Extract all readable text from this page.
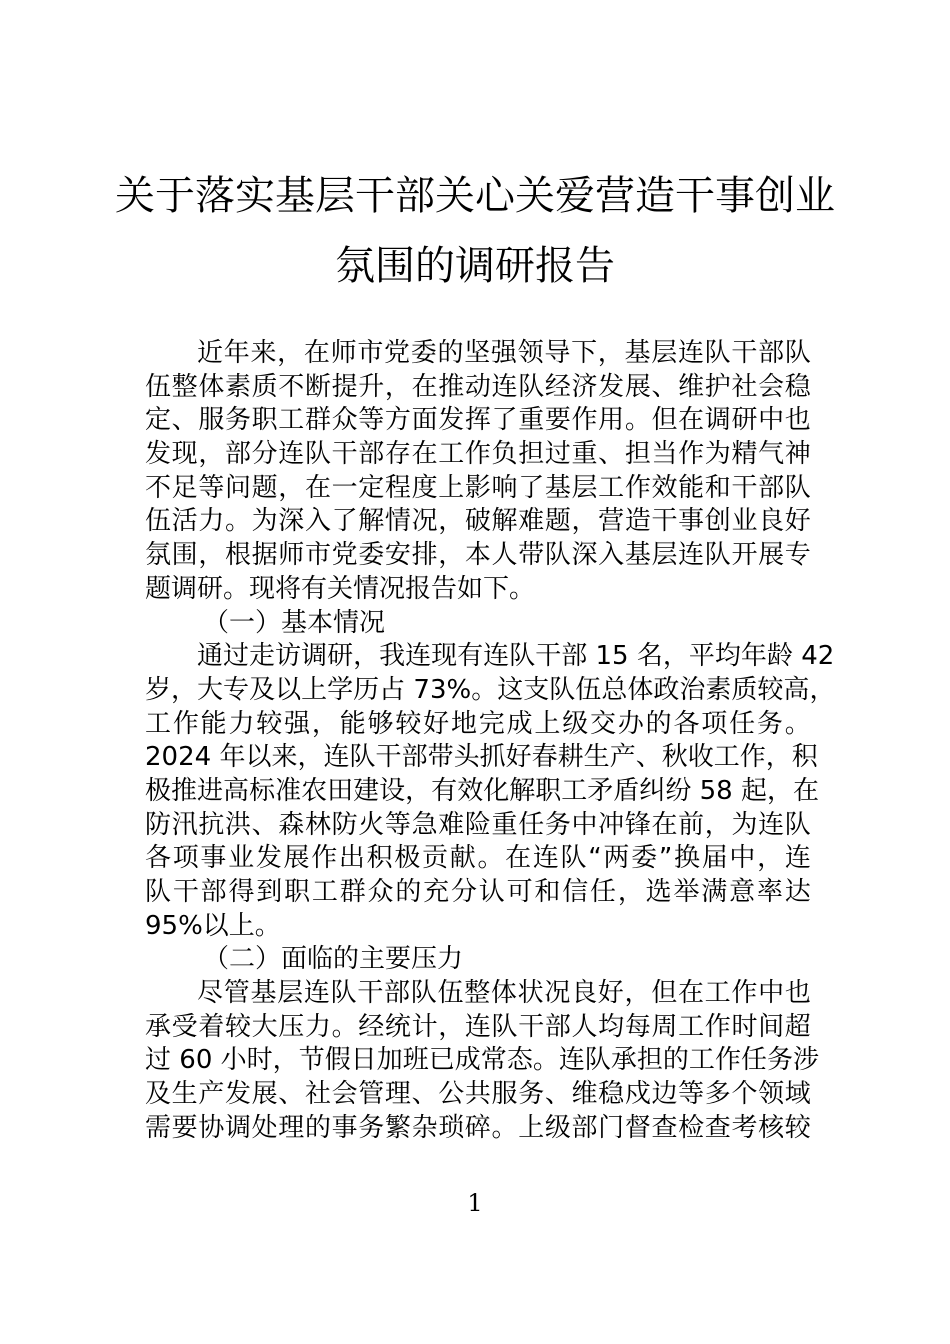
关于落实基层干部关心关爱营造干事创业
氛围的调研报告
近 年 来 ， 在 师 市 党 委 的 坚 强 领 导 下 ， 基 层 连 队 干 部 队
伍 整 体 素 质 不 断 提 升 ， 在 推 动 连 队 经 济 发 展 、 维 护 社 会 稳
定 、 服 务 职 工 群 众 等 方 面 发 挥 了 重 要 作 用 。 但 在 调 研 中 也
发 现 ， 部 分 连 队 干 部 存 在 工 作 负 担 过 重 、 担 当 作 为 精 气 神
不 足 等 问 题 ， 在 一 定 程 度 上 影 响 了 基 层 工 作 效 能 和 干 部 队
伍 活 力 。 为 深 入 了 解 情 况 ， 破 解 难 题 ， 营 造 干 事 创 业 良 好
氛 围 ， 根 据 师 市 党 委 安 排 ， 本 人 带 队 深 入 基 层 连 队 开 展 专
题调研。现将有关情况报告如下。
（一）基本情况
通 过 走 访 调 研 ， 我 连 现 有 连 队 干 部
1 5
名 ， 平 均 年 龄
4 2
岁 ， 大 专 及 以 上 学 历 占
7 3 % 。 这 支 队 伍 总 体 政 治 素 质 较 高 ，
工 作 能 力 较 强 ， 能 够 较 好 地 完 成 上 级 交 办 的 各 项 任 务 。
2 0 2 4
年 以 来 ， 连 队 干 部 带 头 抓 好 春 耕 生 产 、 秋 收 工 作 ， 积
极 推 进 高 标 准 农 田 建 设 ， 有 效 化 解 职 工 矛 盾 纠 纷
5 8
起 ， 在
防 汛 抗 洪 、 森 林 防 火 等 急 难 险 重 任 务 中 冲 锋 在 前 ， 为 连 队
各 项 事 业 发 展 作 出 积 极 贡 献 。 在 连 队 “ 两 委 ” 换 届 中 ， 连
队 干 部 得 到 职 工 群 众 的 充 分 认 可 和 信 任 ， 选 举 满 意 率 达
95%以上。
（二）面临的主要压力
尽 管 基 层 连 队 干 部 队 伍 整 体 状 况 良 好 ， 但 在 工 作 中 也
承 受 着 较 大 压 力 。 经 统 计 ， 连 队 干 部 人 均 每 周 工 作 时 间 超
过
6 0
小 时 ， 节 假 日 加 班 已 成 常 态 。 连 队 承 担 的 工 作 任 务 涉
及 生 产 发 展 、 社 会 管 理 、 公 共 服 务 、 维 稳 戍 边 等 多 个 领 域
需 要 协 调 处 理 的 事 务 繁 杂 琐 碎 。 上 级 部 门 督 查 检 查 考 核 较
1
